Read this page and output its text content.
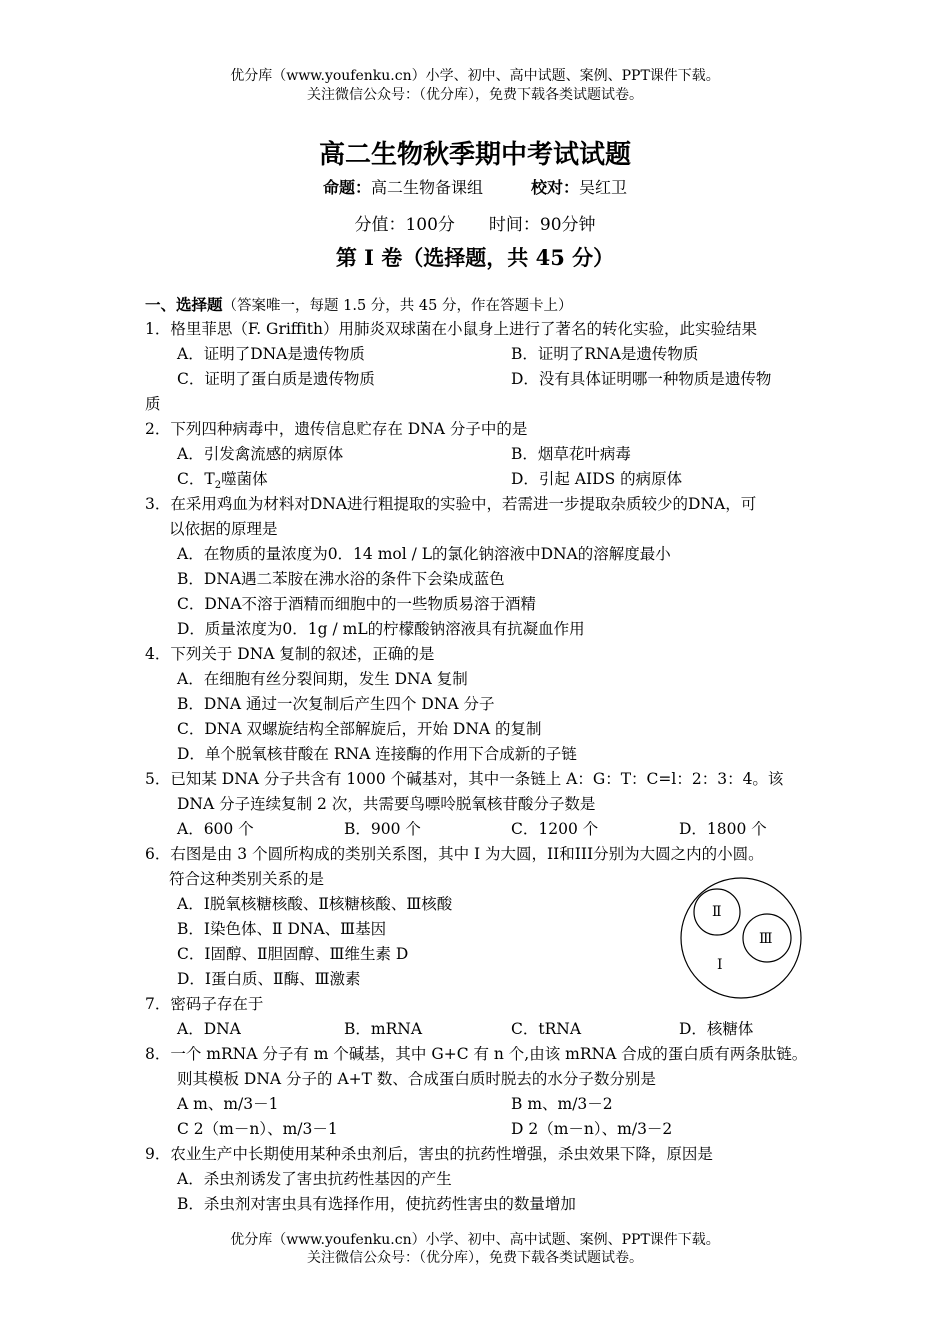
优分库（www.youfenku.cn）小学、初中、高中试题、案例、PPT课件下载。
关注微信公众号：（优分库），免费下载各类试题试卷。
高二生物秋季期中考试试题
命题：高二生物备课组	校对：吴红卫
分值：100分　　时间：90分钟
第 I 卷（选择题，共 45 分）
一、选择题（答案唯一，每题 1.5 分，共 45 分，作在答题卡上）
1．格里菲思（F. Griffith）用肺炎双球菌在小鼠身上进行了著名的转化实验，此实验结果
A．证明了DNA是遗传物质	B．证明了RNA是遗传物质
C．证明了蛋白质是遗传物质	D．没有具体证明哪一种物质是遗传物
质
2．下列四种病毒中，遗传信息贮存在 DNA 分子中的是
A．引发禽流感的病原体	B．烟草花叶病毒
C．$T_2$噬菌体	D．引起 AIDS 的病原体
3．在采用鸡血为材料对DNA进行粗提取的实验中，若需进一步提取杂质较少的DNA，可
以依据的原理是
A．在物质的量浓度为0．14 mol / L的氯化钠溶液中DNA的溶解度最小
B．DNA遇二苯胺在沸水浴的条件下会染成蓝色
C．DNA不溶于酒精而细胞中的一些物质易溶于酒精
D．质量浓度为0．1g / mL的柠檬酸钠溶液具有抗凝血作用
4．下列关于 DNA 复制的叙述，正确的是
A．在细胞有丝分裂间期，发生 DNA 复制
B．DNA 通过一次复制后产生四个 DNA 分子
C．DNA 双螺旋结构全部解旋后，开始 DNA 的复制
D．单个脱氧核苷酸在 RNA 连接酶的作用下合成新的子链
5．已知某 DNA 分子共含有 1000 个碱基对，其中一条链上 A：G：T：C=l：2：3：4。该
DNA 分子连续复制 2 次，共需要鸟嘌呤脱氧核苷酸分子数是
A．600 个	B．900 个	C．1200 个	D．1800 个
6．右图是由 3 个圆所构成的类别关系图，其中 I 为大圆，II和III分别为大圆之内的小圆。
符合这种类别关系的是
A．Ⅰ脱氧核糖核酸、Ⅱ核糖核酸、Ⅲ核酸
B．Ⅰ染色体、Ⅱ DNA、Ⅲ基因
C．Ⅰ固醇、Ⅱ胆固醇、Ⅲ维生素 D
D．Ⅰ蛋白质、Ⅱ酶、Ⅲ激素
Ⅱ
Ⅲ
I
7．密码子存在于
A．DNA	B．mRNA	C．tRNA	D．核糖体
8．一个 mRNA 分子有 m 个碱基，其中 G+C 有 n 个,由该 mRNA 合成的蛋白质有两条肽链。
则其模板 DNA 分子的 A+T 数、合成蛋白质时脱去的水分子数分别是
A m、m/3－1	B m、m/3－2
C 2（m－n）、m/3－1	D 2（m－n）、m/3－2
9．农业生产中长期使用某种杀虫剂后，害虫的抗药性增强，杀虫效果下降，原因是
A．杀虫剂诱发了害虫抗药性基因的产生
B．杀虫剂对害虫具有选择作用，使抗药性害虫的数量增加
优分库（www.youfenku.cn）小学、初中、高中试题、案例、PPT课件下载。
关注微信公众号：（优分库），免费下载各类试题试卷。
